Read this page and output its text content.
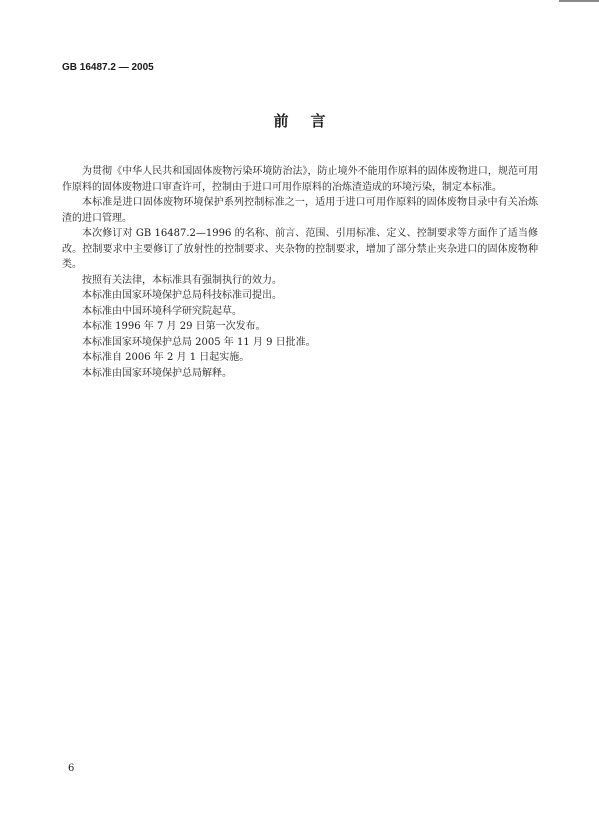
GB 16487.2 — 2005
前言

为贯彻《中华人民共和国固体废物污染环境防治法》，防止境外不能用作原料的固体废物进口，规范可用作原料的固体废物进口审查许可，控制由于进口可用作原料的冶炼渣造成的环境污染，制定本标准。

本标准是进口固体废物环境保护系列控制标准之一，适用于进口可用作原料的固体废物目录中有关冶炼渣的进口管理。

本次修订对 GB 16487.2—1996 的名称、前言、范围、引用标准、定义、控制要求等方面作了适当修改。控制要求中主要修订了放射性的控制要求、夹杂物的控制要求，增加了部分禁止夹杂进口的固体废物种类。

按照有关法律，本标准具有强制执行的效力。

本标准由国家环境保护总局科技标准司提出。

本标准由中国环境科学研究院起草。

本标准 1996 年 7 月 29 日第一次发布。

本标准国家环境保护总局 2005 年 11 月 9 日批准。

本标准自 2006 年 2 月 1 日起实施。

本标准由国家环境保护总局解释。

6
